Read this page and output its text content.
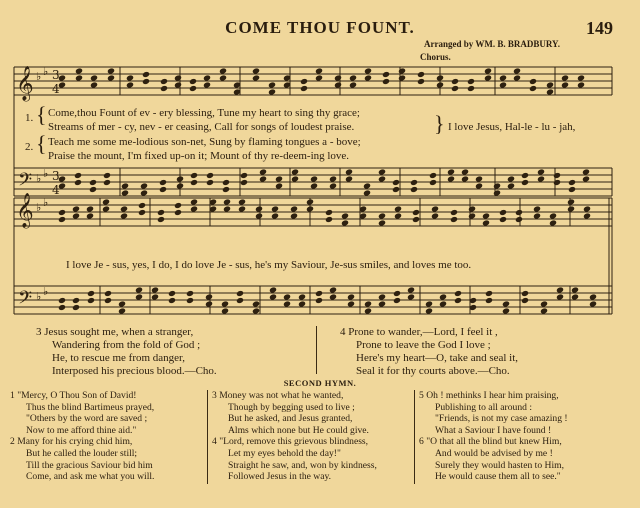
COME THOU FOUNT.	149
Arranged by WM. B. BRADBURY.
Chorus.
𝄞
𝄞
𝄢
𝄢
♭ ♭
♭ ♭
♭ ♭
♭ ♭
3
4
3
4
{
{
1.
2.
Come,thou Fount of ev - ery blessing, Tune my heart to sing thy grace;
Streams of mer - cy, nev - er ceasing, Call for songs of loudest praise.
Teach me some me-lodious son-net, Sung by flaming tongues a - bove;
Praise the mount, I'm fixed up-on it; Mount of thy re-deem-ing love.
} I love Jesus, Hal-le - lu - jah,
I love Je - sus, yes, I do, I do love Je - sus, he's my Saviour, Je-sus smiles, and loves me too.
3 Jesus sought me, when a stranger,
Wandering from the fold of God ;
He, to rescue me from danger,
Interposed his precious blood.—Cho.
4 Prone to wander,—Lord, I feel it ,
Prone to leave the God I love ;
Here's my heart—O, take and seal it,
Seal it for thy courts above.—Cho.
SECOND HYMN.
1 "Mercy, O Thou Son of David!
Thus the blind Bartimeus prayed,
"Others by the word are saved ;
Now to me afford thine aid."
2 Many for his crying chid him,
But he called the louder still;
Till the gracious Saviour bid him
Come, and ask me what you will.
3 Money was not what he wanted,
Though by begging used to live ;
But he asked, and Jesus granted,
Alms which none but He could give.
4 "Lord, remove this grievous blindness,
Let my eyes behold the day!"
Straight he saw, and, won by kindness,
Followed Jesus in the way.
5 Oh ! methinks I hear him praising,
Publishing to all around :
"Friends, is not my case amazing !
What a Saviour I have found !
6 "O that all the blind but knew Him,
And would be advised by me !
Surely they would hasten to Him,
He would cause them all to see."
